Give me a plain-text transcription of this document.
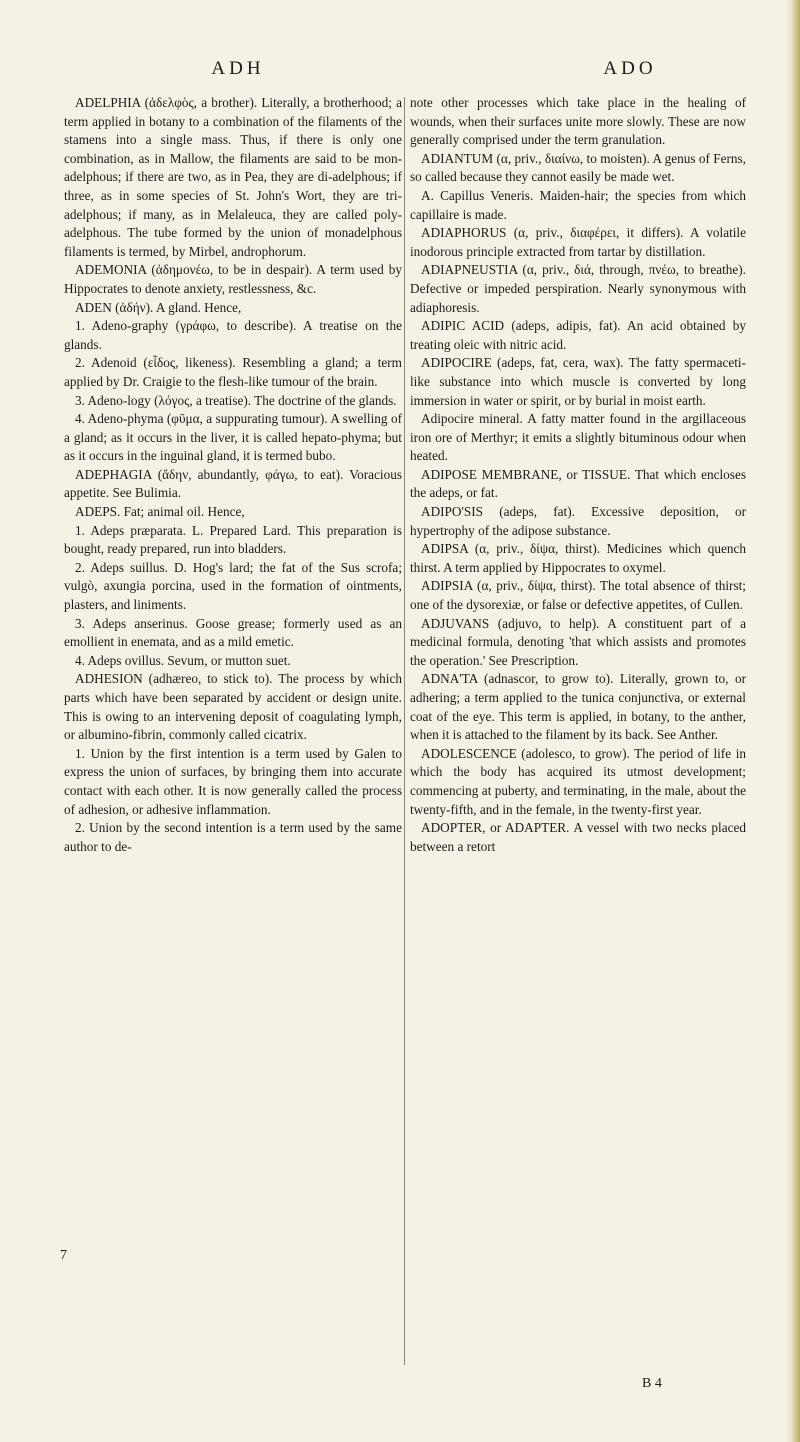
ADH	ADO

ADELPHIA (ἀδελφὸς, a brother). Literally, a brotherhood; a term applied in botany to a combination of the filaments of the stamens into a single mass. Thus, if there is only one combination, as in Mallow, the filaments are said to be mon-adelphous; if there are two, as in Pea, they are di-adelphous; if three, as in some species of St. John's Wort, they are tri-adelphous; if many, as in Melaleuca, they are called poly-adelphous. The tube formed by the union of monadelphous filaments is termed, by Mirbel, androphorum.

ADEMONIA (ἀδημονέω, to be in despair). A term used by Hippocrates to denote anxiety, restlessness, &c.

ADEN (ἀδήν). A gland. Hence,

1. Adeno-graphy (γράφω, to describe). A treatise on the glands.

2. Adenoid (εἶδος, likeness). Resembling a gland; a term applied by Dr. Craigie to the flesh-like tumour of the brain.

3. Adeno-logy (λόγος, a treatise). The doctrine of the glands.

4. Adeno-phyma (φῦμα, a suppurating tumour). A swelling of a gland; as it occurs in the liver, it is called hepato-phyma; but as it occurs in the inguinal gland, it is termed bubo.

ADEPHAGIA (ἄδην, abundantly, φάγω, to eat). Voracious appetite. See Bulimia.

ADEPS. Fat; animal oil. Hence,

1. Adeps præparata. L. Prepared Lard. This preparation is bought, ready prepared, run into bladders.

2. Adeps suillus. D. Hog's lard; the fat of the Sus scrofa; vulgò, axungia porcina, used in the formation of ointments, plasters, and liniments.

3. Adeps anserinus. Goose grease; formerly used as an emollient in enemata, and as a mild emetic.

4. Adeps ovillus. Sevum, or mutton suet.

ADHESION (adhæreo, to stick to). The process by which parts which have been separated by accident or design unite. This is owing to an intervening deposit of coagulating lymph, or albumino-fibrin, commonly called cicatrix.

1. Union by the first intention is a term used by Galen to express the union of surfaces, by bringing them into accurate contact with each other. It is now generally called the process of adhesion, or adhesive inflammation.

2. Union by the second intention is a term used by the same author to de-

note other processes which take place in the healing of wounds, when their surfaces unite more slowly. These are now generally comprised under the term granulation.

ADIANTUM (α, priv., διαίνω, to moisten). A genus of Ferns, so called because they cannot easily be made wet.

A. Capillus Veneris. Maiden-hair; the species from which capillaire is made.

ADIAPHORUS (α, priv., διαφέρει, it differs). A volatile inodorous principle extracted from tartar by distillation.

ADIAPNEUSTIA (α, priv., διά, through, πνέω, to breathe). Defective or impeded perspiration. Nearly synonymous with adiaphoresis.

ADIPIC ACID (adeps, adipis, fat). An acid obtained by treating oleic with nitric acid.

ADIPOCIRE (adeps, fat, cera, wax). The fatty spermaceti-like substance into which muscle is converted by long immersion in water or spirit, or by burial in moist earth.

Adipocire mineral. A fatty matter found in the argillaceous iron ore of Merthyr; it emits a slightly bituminous odour when heated.

ADIPOSE MEMBRANE, or TISSUE. That which encloses the adeps, or fat.

ADIPO'SIS (adeps, fat). Excessive deposition, or hypertrophy of the adipose substance.

ADIPSA (α, priv., δίψα, thirst). Medicines which quench thirst. A term applied by Hippocrates to oxymel.

ADIPSIA (α, priv., δίψα, thirst). The total absence of thirst; one of the dysorexiæ, or false or defective appetites, of Cullen.

ADJUVANS (adjuvo, to help). A constituent part of a medicinal formula, denoting 'that which assists and promotes the operation.' See Prescription.

ADNA'TA (adnascor, to grow to). Literally, grown to, or adhering; a term applied to the tunica conjunctiva, or external coat of the eye. This term is applied, in botany, to the anther, when it is attached to the filament by its back. See Anther.

ADOLESCENCE (adolesco, to grow). The period of life in which the body has acquired its utmost development; commencing at puberty, and terminating, in the male, about the twenty-fifth, and in the female, in the twenty-first year.

ADOPTER, or ADAPTER. A vessel with two necks placed between a retort

7
B 4
